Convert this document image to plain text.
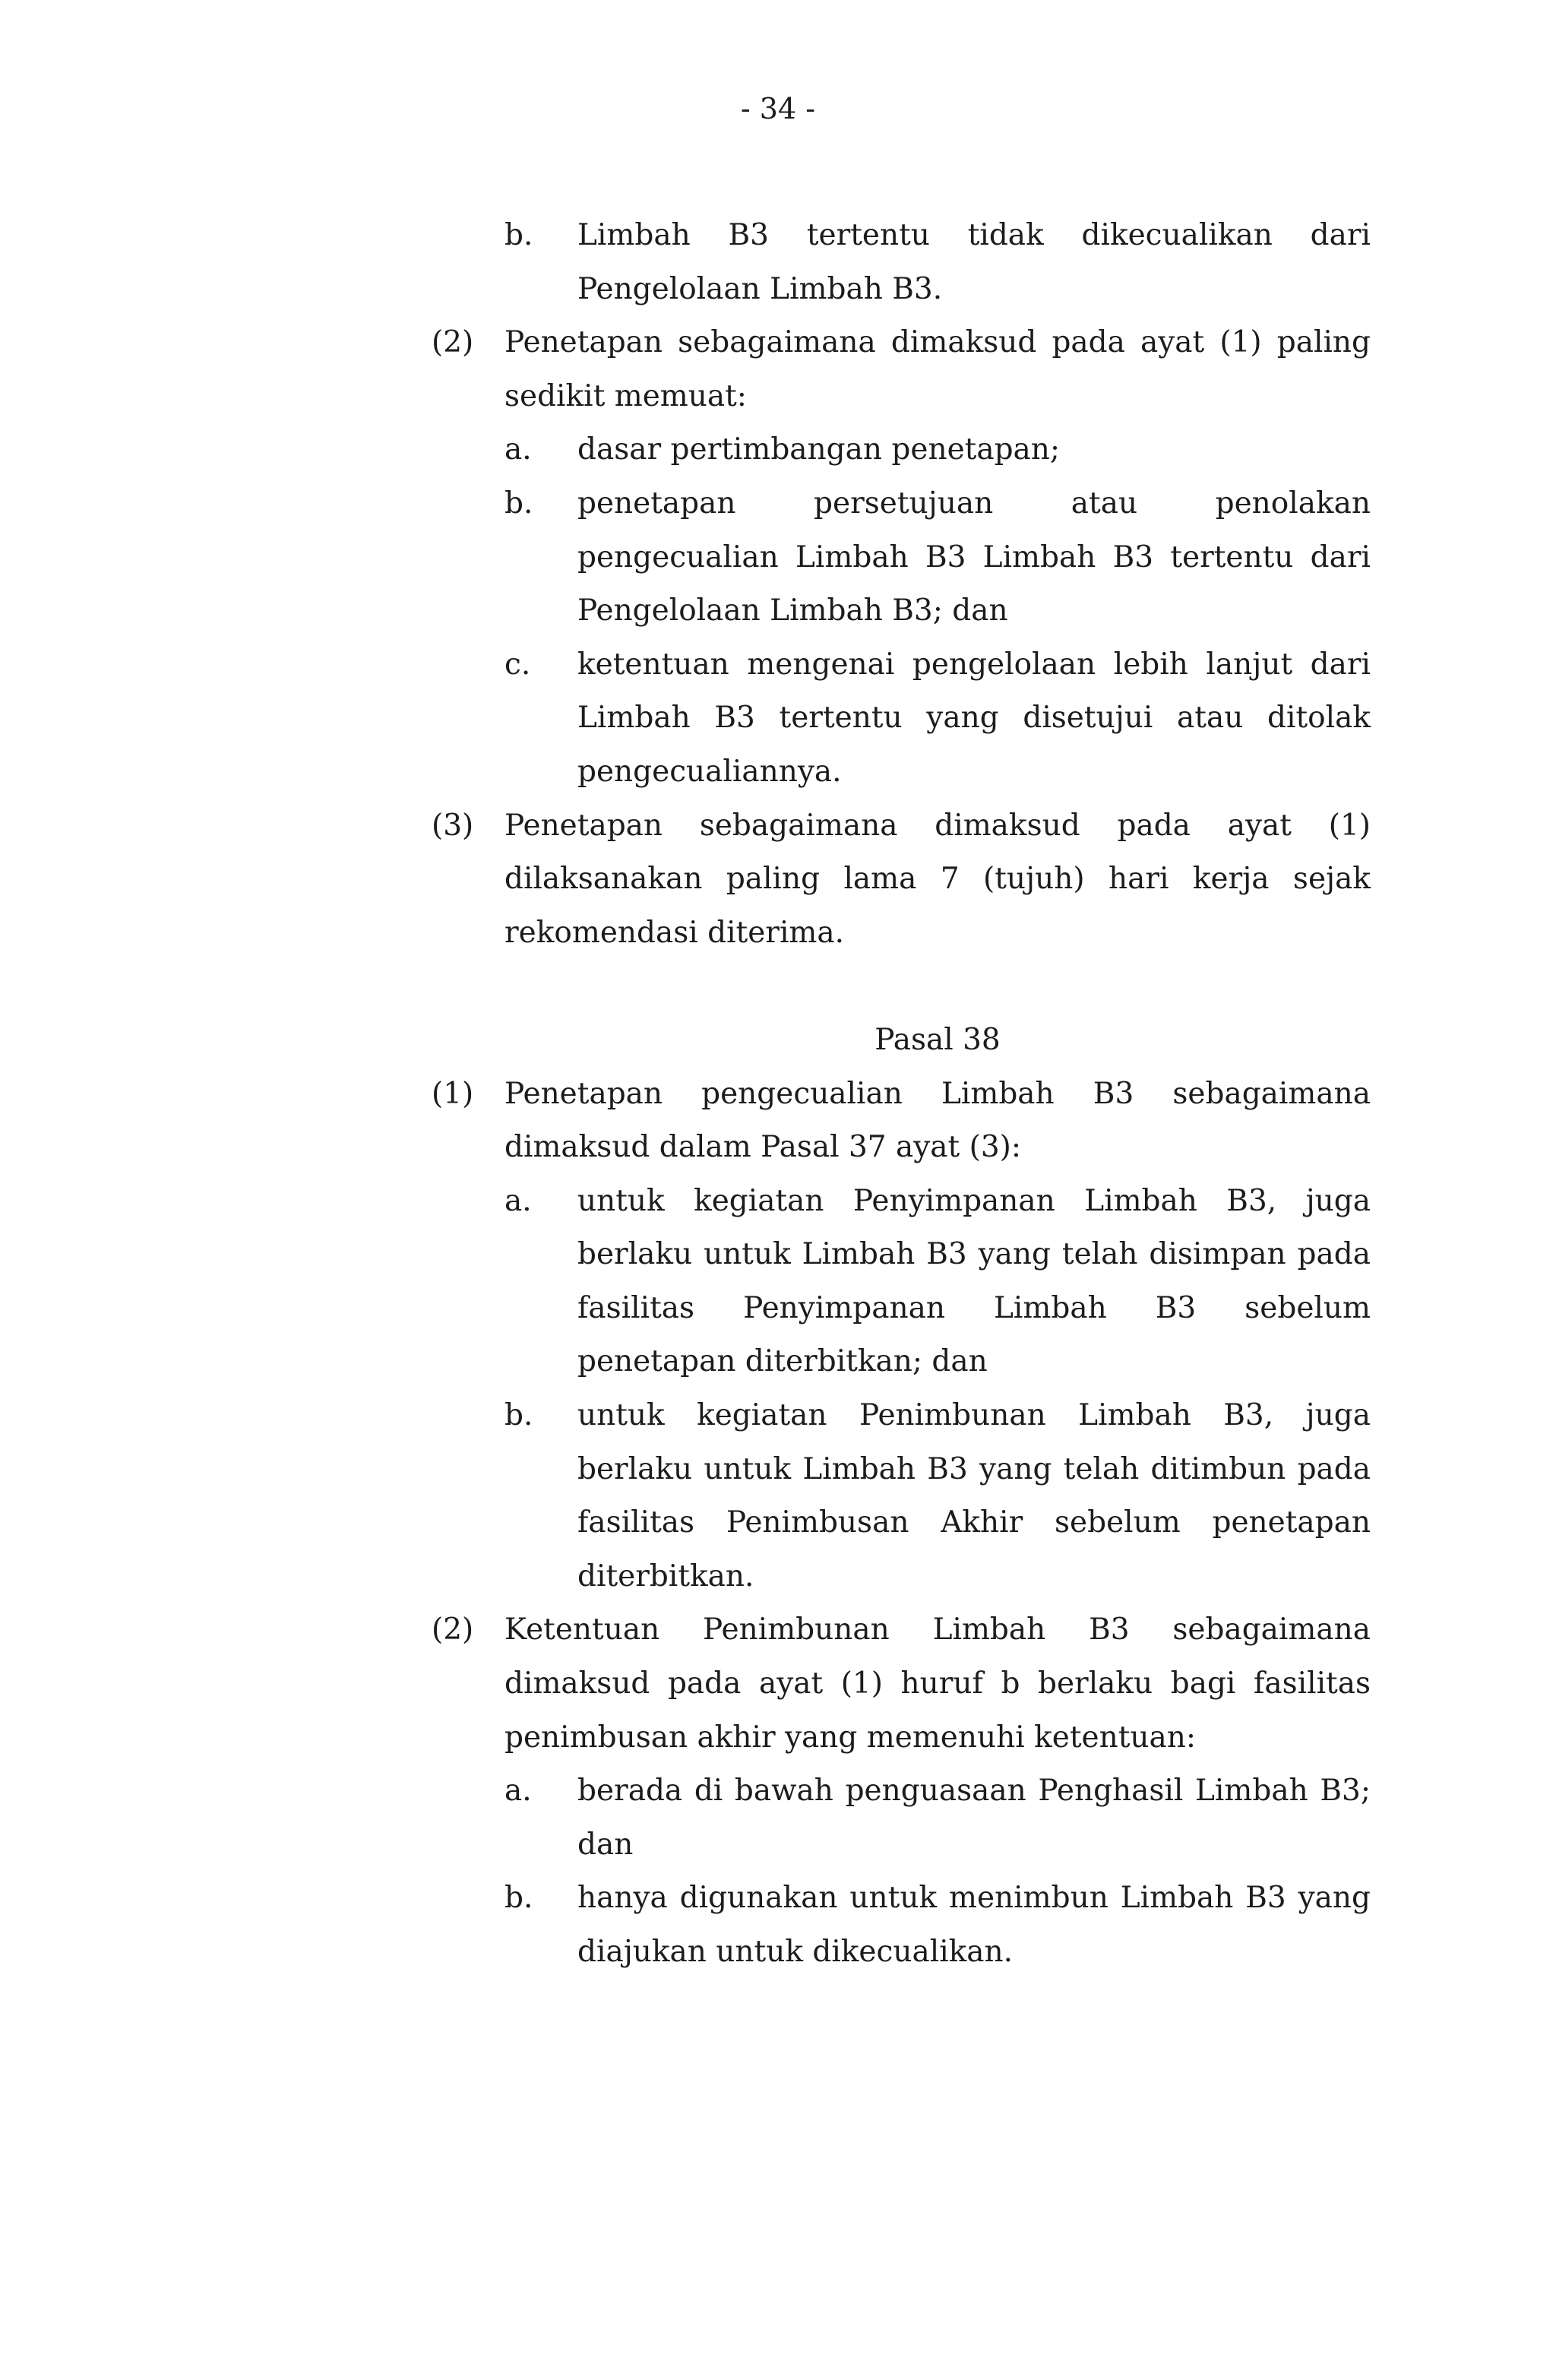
- 34 -
b. Limbah B3 tertentu tidak dikecualikan dari Pengelolaan Limbah B3.
(2) Penetapan sebagaimana dimaksud pada ayat (1) paling sedikit memuat:
a. dasar pertimbangan penetapan;
b. penetapan persetujuan atau penolakan pengecualian Limbah B3 Limbah B3 tertentu dari Pengelolaan Limbah B3; dan
c. ketentuan mengenai pengelolaan lebih lanjut dari Limbah B3 tertentu yang disetujui atau ditolak pengecualiannya.
(3) Penetapan sebagaimana dimaksud pada ayat (1) dilaksanakan paling lama 7 (tujuh) hari kerja sejak rekomendasi diterima.
Pasal 38
(1) Penetapan pengecualian Limbah B3 sebagaimana dimaksud dalam Pasal 37 ayat (3):
a. untuk kegiatan Penyimpanan Limbah B3, juga berlaku untuk Limbah B3 yang telah disimpan pada fasilitas Penyimpanan Limbah B3 sebelum penetapan diterbitkan; dan
b. untuk kegiatan Penimbunan Limbah B3, juga berlaku untuk Limbah B3 yang telah ditimbun pada fasilitas Penimbusan Akhir sebelum penetapan diterbitkan.
(2) Ketentuan Penimbunan Limbah B3 sebagaimana dimaksud pada ayat (1) huruf b berlaku bagi fasilitas penimbusan akhir yang memenuhi ketentuan:
a. berada di bawah penguasaan Penghasil Limbah B3; dan
b. hanya digunakan untuk menimbun Limbah B3 yang diajukan untuk dikecualikan.
